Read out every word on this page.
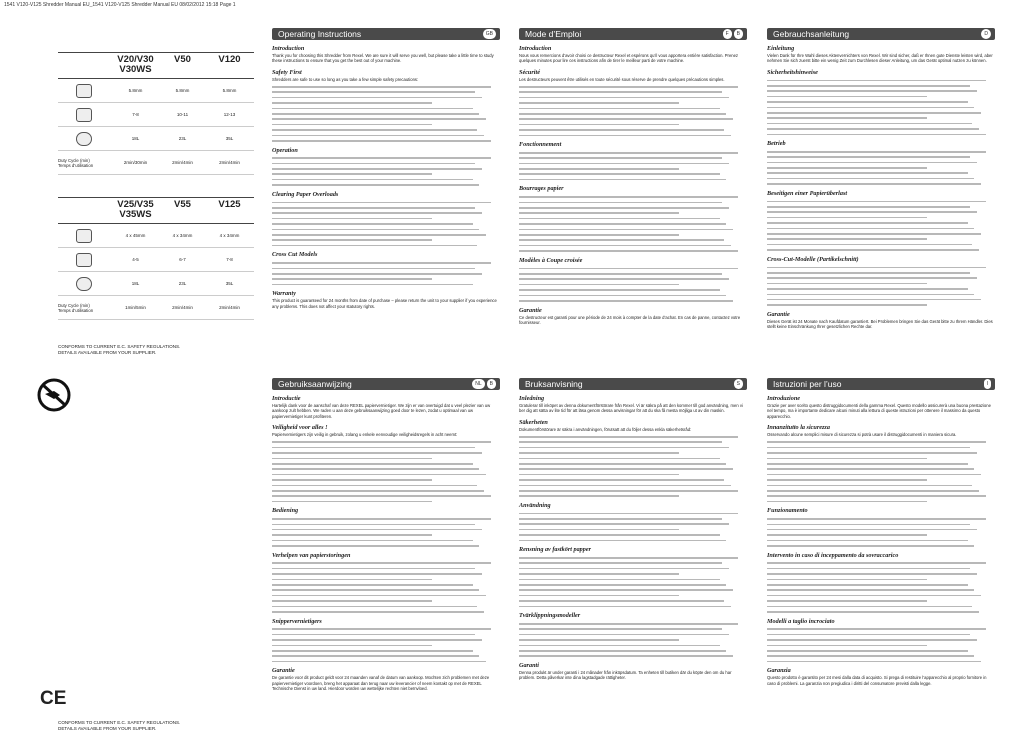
1541 V120-V125 Shredder Manual EU_1541 V120-V125 Shredder Manual EU 08/02/2012 15:18 Page 1
V20/V30
V30WS
V50	V120
5.8mm	5.8mm	5.8mm
7-8	10-11	12-13
18L	23L	35L
Duty Cycle (min)
Temps d’utilisation	2min/30min	2min/4min	2min/4min
V25/V35
V35WS
V55	V125
4 x 45mm	4 x 34mm	4 x 34mm
4-5	6-7	7-8
18L	23L	35L
Duty Cycle (min)
Temps d’utilisation	1min/5min	2min/4min	2min/4min
CONFORMS TO CURRENT E.C. SAFETY REGULATIONS.
DETAILS AVAILABLE FROM YOUR SUPPLIER.
CE
CONFORMS TO CURRENT E.C. SAFETY REGULATIONS.
DETAILS AVAILABLE FROM YOUR SUPPLIER.
Operating Instructions	GB
Introduction

Thank you for choosing this Shredder from Rexel. We are sure it will serve you well, but please take a little time to study these instructions to ensure that you get the best out of your machine.

Safety First

Shredders are safe to use so long as you take a few simple safety precautions:

Operation
Clearing Paper Overloads
Cross Cut Models
Warranty

This product is guaranteed for 24 months from date of purchase – please return the unit to your supplier if you experience any problems. This does not affect your statutory rights.

Mode d’Emploi	F	B
Introduction

Nous vous remercions d’avoir choisi ce destructeur Rexel et espérons qu’il vous apportera entière satisfaction. Prenez quelques minutes pour lire ces instructions afin de tirer le meilleur parti de votre machine.

Sécurité

Les destructeurs peuvent être utilisés en toute sécurité sous réserve de prendre quelques précautions simples.

Fonctionnement
Bourrages papier
Modèles à Coupe croisée
Garantie

Ce destructeur est garanti pour une période de 24 mois à compter de la date d’achat. En cas de panne, contactez votre fournisseur.

Gebrauchsanleitung	D
Einleitung

Vielen Dank für Ihre Wahl dieses Aktenvernichters von Rexel. Wir sind sicher, daß er Ihnen gute Dienste leisten wird, aber nehmen Sie sich zuerst bitte ein wenig Zeit zum Durchlesen dieser Anleitung, um das Gerät optimal nutzen zu können.

Sicherheitshinweise
Betrieb
Beseitigen einer Papierüberlast
Cross-Cut-Modelle (Partikelschnitt)
Garantie

Dieses Gerät ist 24 Monate nach Kaufdatum garantiert. Bei Problemen bringen Sie das Gerät bitte zu Ihrem Händler. Dies stellt keine Einschränkung Ihrer gesetzlichen Rechte dar.

Gebruiksaanwijzing	NL	B
Introductie

Hartelijk dank voor de aanschaf van deze REXEL papiervernietiger. We zijn er van overtuigd dat u veel plezier van uw aankoop zult hebben. We raden u aan deze gebruiksaanwijzing goed door te lezen, zodat u optimaal van uw papiervernietiger kunt profiteren.

Veiligheid voor alles !

Papiervernietigers zijn veilig in gebruik, zolang u enkele eenvoudige veiligheidsregels in acht neemt:

Bediening
Verhelpen van papierstoringen
Snippervernietigers
Garantie

De garantie voor dit product geldt voor 24 maanden vanaf de datum van aankoop. Mochten zich problemen met deze papiervernietiger voordoen, breng het apparaat dan terug naar uw leverancier of neem kontakt op met de REXEL Technische Dienst in uw land. Hierdoor worden uw wettelijke rechten niet beïnvloed.

Bruksanvisning	S
Inledning

Gratulerar till inköpet av denna dokumentförstörare från Rexel. Vi är säkra på att den kommer till god användning, men vi ber dig att sätta av lite tid för att läsa genom dessa anvisningar för att du ska få mesta möjliga ut av din maskin.

Säkerheten

Dokumentförstörare är säkra i användningen, förutsatt att du följer dessa enkla säkerhetsråd:

Användning
Rensning av fastkört papper
Tvärklippningsmodeller
Garanti

Denna produkt är under garanti i 24 månader från inköpsdatum. Ta enheten till butiken där du köpte den om du har problem. Detta påverkar inte dina lagstadgade rättigheter.

Istruzioni per l’uso	I
Introduzione

Grazie per aver scelto questo distruggidocumenti della gamma Rexel. Questo modello assicurerà una buona prestazione nel tempo, ma è importante dedicare alcuni minuti alla lettura di queste istruzioni per ottenere il massimo da questo apparecchio.

Innanzitutto la sicurezza

Osservando alcune semplici misure di sicurezza si potrà usare il distruggidocumenti in maniera sicura.

Funzionamento
Intervento in caso di inceppamento da sovraccarico
Modelli a taglio incrociato
Garanzia

Questo prodotto è garantito per 24 mesi dalla data di acquisto. Si prega di restituire l’apparecchio al proprio fornitore in caso di problemi. La garanzia non pregiudica i diritti del consumatore previsti dalla legge.
